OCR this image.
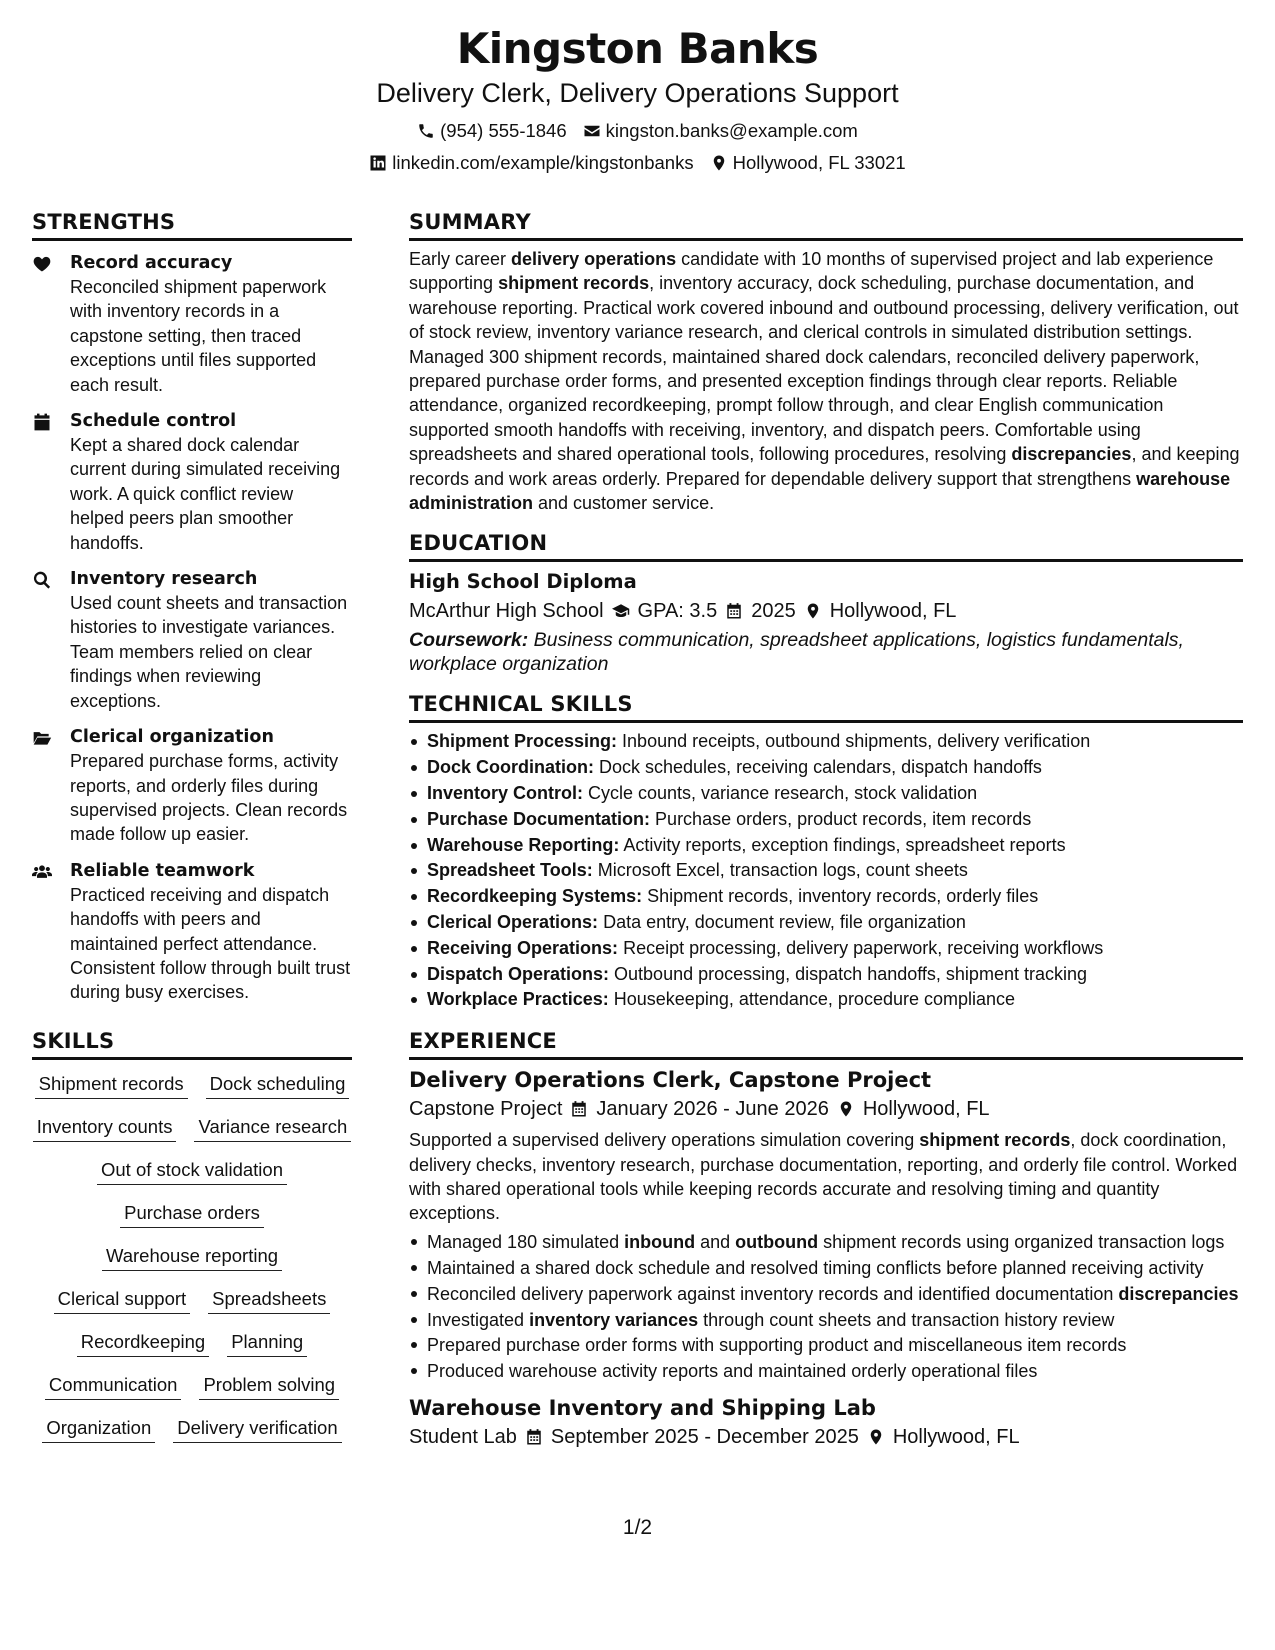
Kingston Banks
Delivery Clerk, Delivery Operations Support
(954) 555-1846 kingston.banks@example.com
linkedin.com/example/kingstonbanks Hollywood, FL 33021
STRENGTHS
Record accuracy
Reconciled shipment paperwork with inventory records in a capstone setting, then traced exceptions until files supported each result.
Schedule control
Kept a shared dock calendar current during simulated receiving work. A quick conflict review helped peers plan smoother handoffs.
Inventory research
Used count sheets and transaction histories to investigate variances. Team members relied on clear findings when reviewing exceptions.
Clerical organization
Prepared purchase forms, activity reports, and orderly files during supervised projects. Clean records made follow up easier.
Reliable teamwork
Practiced receiving and dispatch handoffs with peers and maintained perfect attendance. Consistent follow through built trust during busy exercises.
SKILLS
Shipment records Dock scheduling
Inventory counts Variance research
Out of stock validation
Purchase orders
Warehouse reporting
Clerical support Spreadsheets
Recordkeeping Planning
Communication Problem solving
Organization Delivery verification
SUMMARY

Early career delivery operations candidate with 10 months of supervised project and lab experience supporting shipment records, inventory accuracy, dock scheduling, purchase documentation, and warehouse reporting. Practical work covered inbound and outbound processing, delivery verification, out of stock review, inventory variance research, and clerical controls in simulated distribution settings. Managed 300 shipment records, maintained shared dock calendars, reconciled delivery paperwork, prepared purchase order forms, and presented exception findings through clear reports. Reliable attendance, organized recordkeeping, prompt follow through, and clear English communication supported smooth handoffs with receiving, inventory, and dispatch peers. Comfortable using spreadsheets and shared operational tools, following procedures, resolving discrepancies, and keeping records and work areas orderly. Prepared for dependable delivery support that strengthens warehouse administration and customer service.

EDUCATION
High School Diploma
McArthur High School GPA: 3.5 2025 Hollywood, FL
Coursework: Business communication, spreadsheet applications, logistics fundamentals, workplace organization
TECHNICAL SKILLS
Shipment Processing: Inbound receipts, outbound shipments, delivery verification
Dock Coordination: Dock schedules, receiving calendars, dispatch handoffs
Inventory Control: Cycle counts, variance research, stock validation
Purchase Documentation: Purchase orders, product records, item records
Warehouse Reporting: Activity reports, exception findings, spreadsheet reports
Spreadsheet Tools: Microsoft Excel, transaction logs, count sheets
Recordkeeping Systems: Shipment records, inventory records, orderly files
Clerical Operations: Data entry, document review, file organization
Receiving Operations: Receipt processing, delivery paperwork, receiving workflows
Dispatch Operations: Outbound processing, dispatch handoffs, shipment tracking
Workplace Practices: Housekeeping, attendance, procedure compliance
EXPERIENCE
Delivery Operations Clerk, Capstone Project
Capstone Project January 2026 - June 2026 Hollywood, FL

Supported a supervised delivery operations simulation covering shipment records, dock coordination, delivery checks, inventory research, purchase documentation, reporting, and orderly file control. Worked with shared operational tools while keeping records accurate and resolving timing and quantity exceptions.

Managed 180 simulated inbound and outbound shipment records using organized transaction logs
Maintained a shared dock schedule and resolved timing conflicts before planned receiving activity
Reconciled delivery paperwork against inventory records and identified documentation discrepancies
Investigated inventory variances through count sheets and transaction history review
Prepared purchase order forms with supporting product and miscellaneous item records
Produced warehouse activity reports and maintained orderly operational files
Warehouse Inventory and Shipping Lab
Student Lab September 2025 - December 2025 Hollywood, FL
1/2
